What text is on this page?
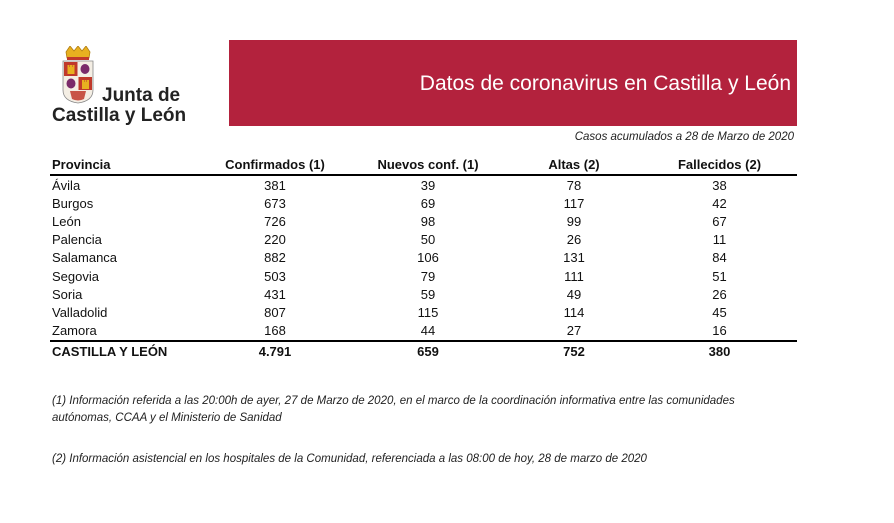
Junta de
Castilla y León
Datos de coronavirus en Castilla y León
Casos acumulados a 28 de Marzo de 2020
Provincia	Confirmados (1)	Nuevos conf. (1)	Altas (2)	Fallecidos (2)
Ávila	381	39	78	38
Burgos	673	69	117	42
León	726	98	99	67
Palencia	220	50	26	11
Salamanca	882	106	131	84
Segovia	503	79	111	51
Soria	431	59	49	26
Valladolid	807	115	114	45
Zamora	168	44	27	16
CASTILLA Y LEÓN	4.791	659	752	380
(1) Información referida a las 20:00h de ayer, 27 de Marzo de 2020, en el marco de la coordinación informativa entre las comunidades autónomas, CCAA y el Ministerio de Sanidad
(2) Información asistencial en los hospitales de la Comunidad, referenciada a las 08:00 de hoy, 28 de marzo de 2020
